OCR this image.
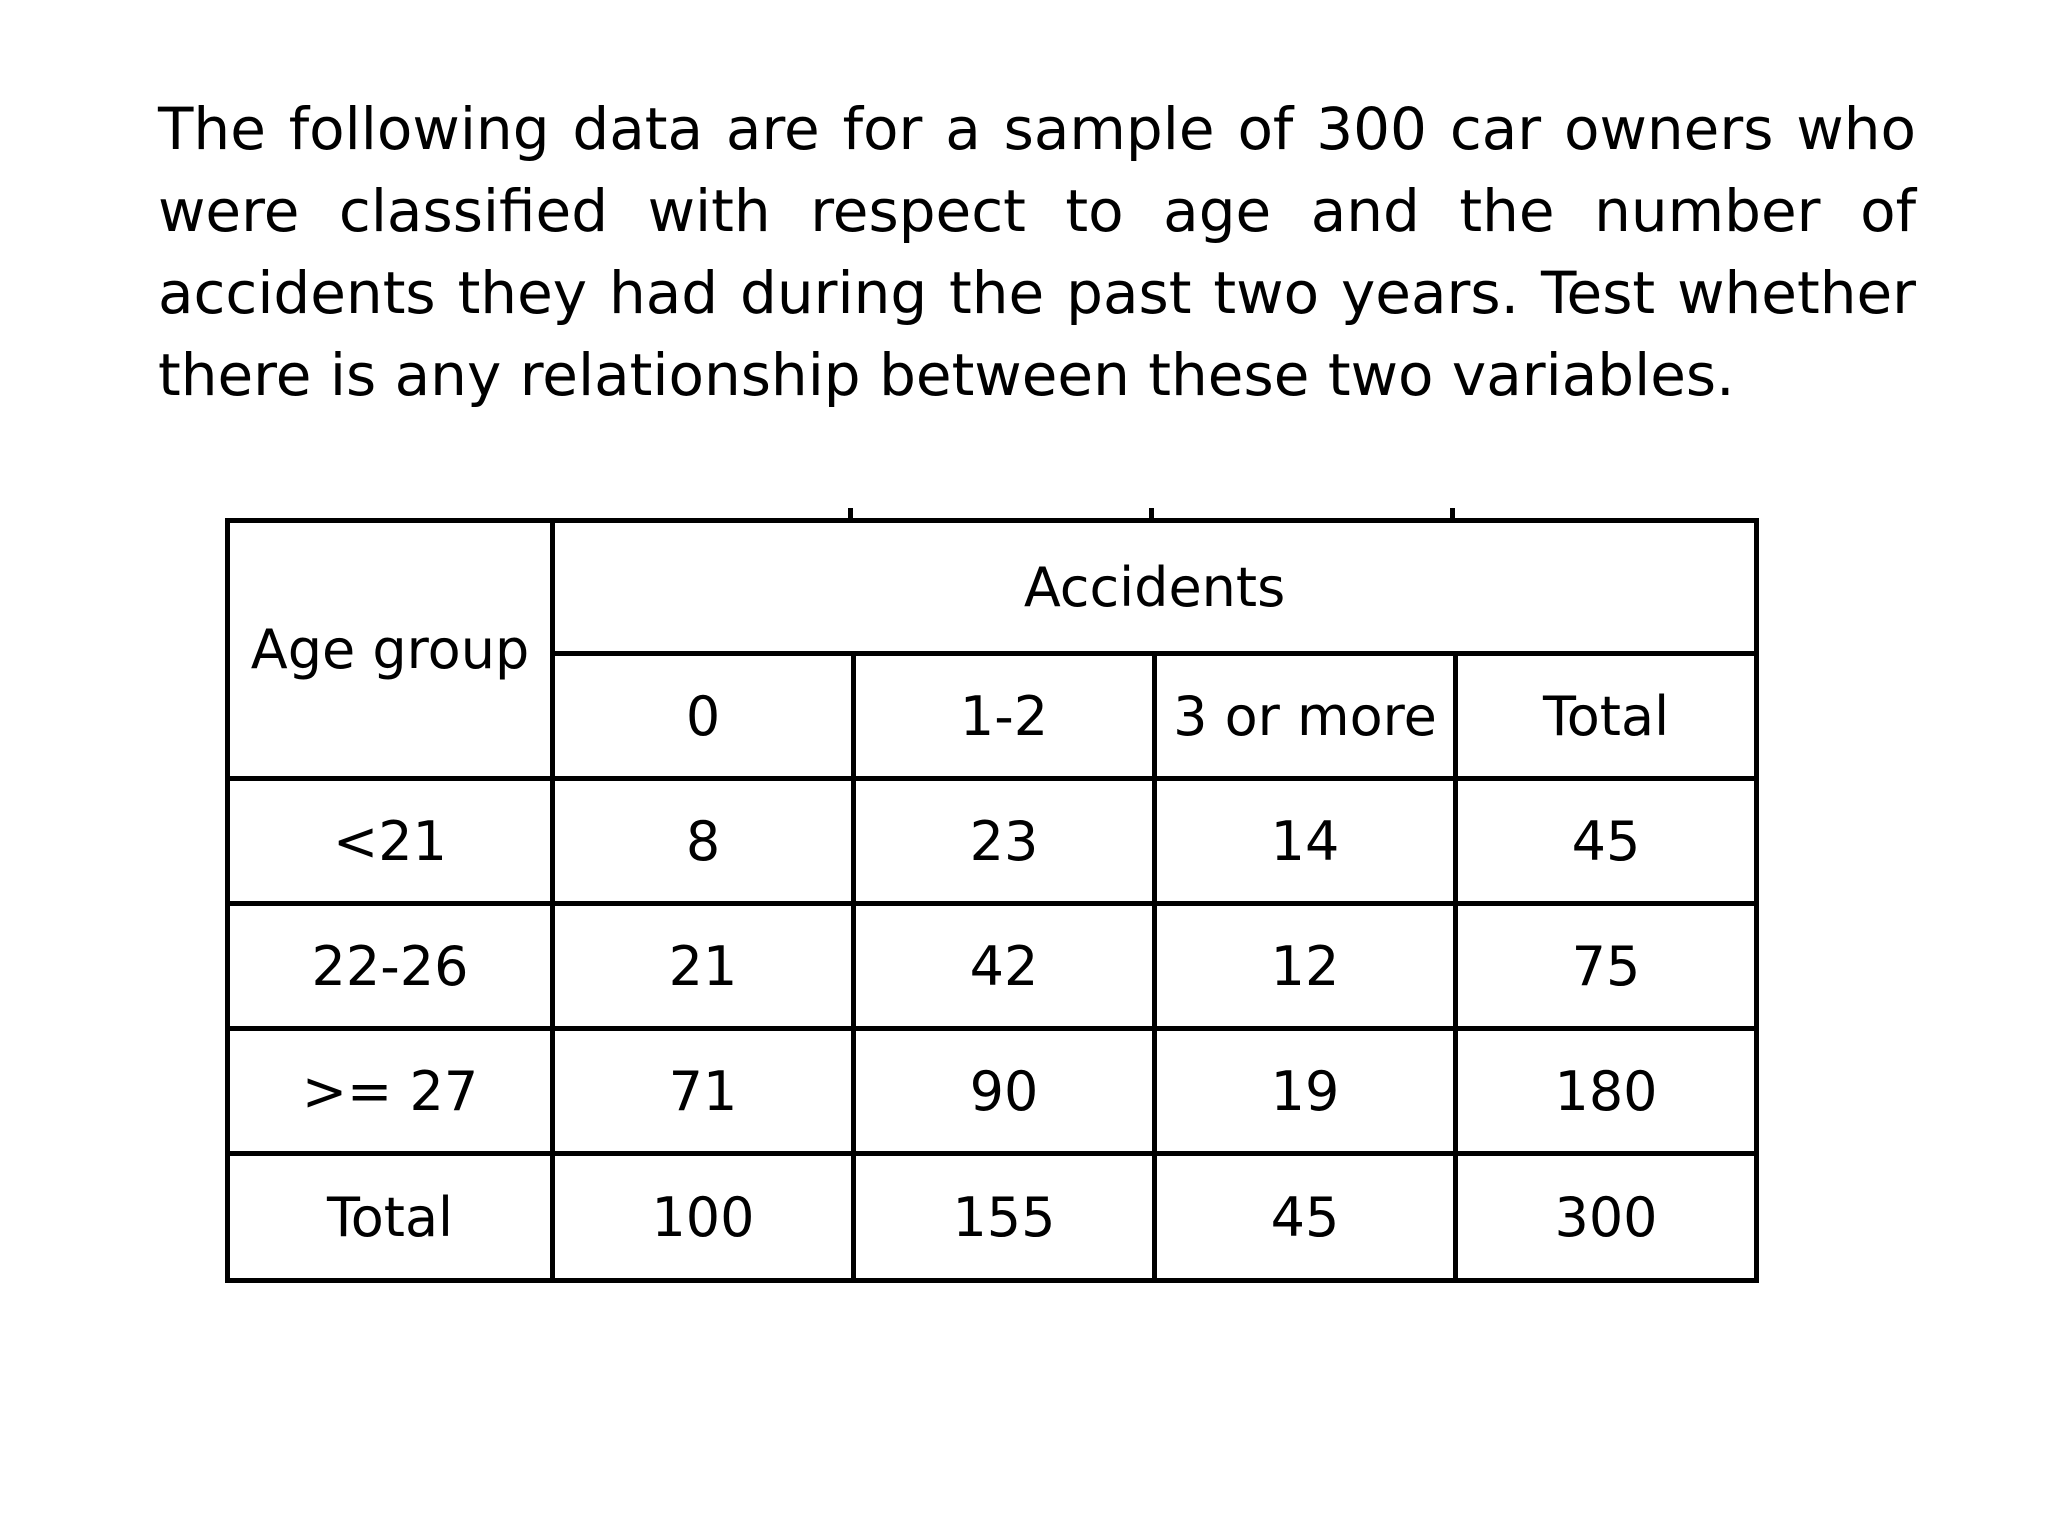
The following data are for a sample of 300 car owners who were classified with respect to age and the number of accidents they had during the past two years. Test whether there is any relationship between these two variables.

Age group	Accidents			
	0	1-2	3 or more	Total
<21	8	23	14	45
22-26	21	42	12	75
>= 27	71	90	19	180
Total	100	155	45	300
